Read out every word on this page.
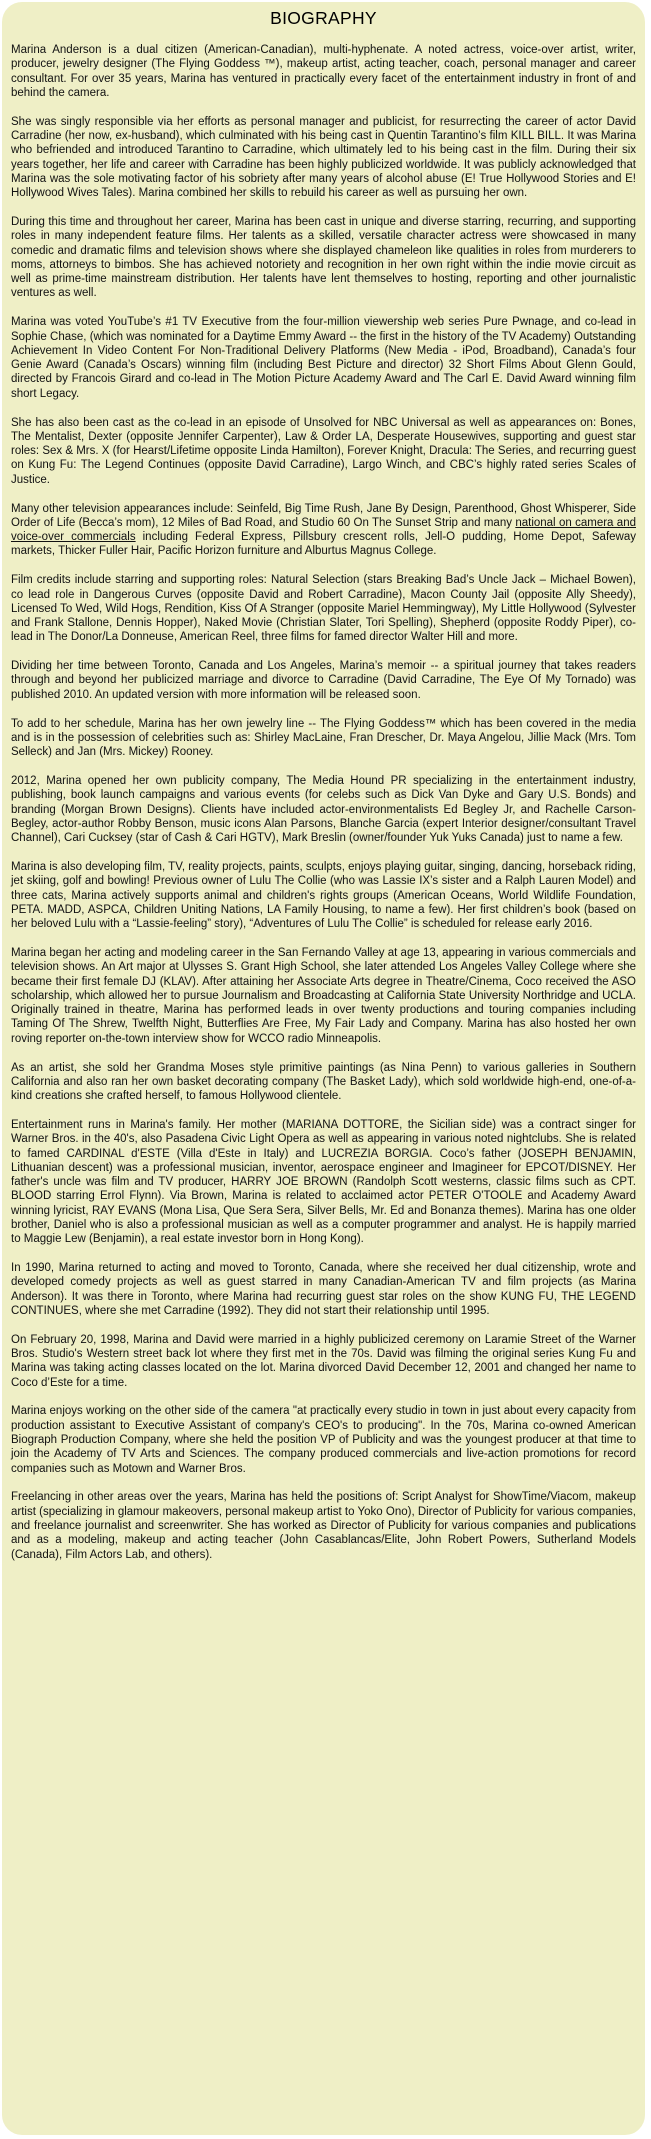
BIOGRAPHY

Marina Anderson is a dual citizen (American-Canadian), multi-hyphenate. A noted actress, voice-over artist, writer, producer, jewelry designer (The Flying Goddess ™), makeup artist, acting teacher, coach, personal manager and career consultant. For over 35 years, Marina has ventured in practically every facet of the entertainment industry in front of and behind the camera.

She was singly responsible via her efforts as personal manager and publicist, for resurrecting the career of actor David Carradine (her now, ex-husband), which culminated with his being cast in Quentin Tarantino’s film KILL BILL. It was Marina who befriended and introduced Tarantino to Carradine, which ultimately led to his being cast in the film. During their six years together, her life and career with Carradine has been highly publicized worldwide. It was publicly acknowledged that Marina was the sole motivating factor of his sobriety after many years of alcohol abuse (E! True Hollywood Stories and E! Hollywood Wives Tales). Marina combined her skills to rebuild his career as well as pursuing her own.

During this time and throughout her career, Marina has been cast in unique and diverse starring, recurring, and supporting roles in many independent feature films. Her talents as a skilled, versatile character actress were showcased in many comedic and dramatic films and television shows where she displayed chameleon like qualities in roles from murderers to moms, attorneys to bimbos. She has achieved notoriety and recognition in her own right within the indie movie circuit as well as prime-time mainstream distribution. Her talents have lent themselves to hosting, reporting and other journalistic ventures as well.

Marina was voted YouTube’s #1 TV Executive from the four-million viewership web series Pure Pwnage, and co-lead in Sophie Chase, (which was nominated for a Daytime Emmy Award -- the first in the history of the TV Academy) Outstanding Achievement In Video Content For Non-Traditional Delivery Platforms (New Media - iPod, Broadband), Canada’s four Genie Award (Canada’s Oscars) winning film (including Best Picture and director) 32 Short Films About Glenn Gould, directed by Francois Girard and co-lead in The Motion Picture Academy Award and The Carl E. David Award winning film short Legacy.

She has also been cast as the co-lead in an episode of Unsolved for NBC Universal as well as appearances on: Bones, The Mentalist, Dexter (opposite Jennifer Carpenter), Law & Order LA, Desperate Housewives, supporting and guest star roles: Sex & Mrs. X (for Hearst/Lifetime opposite Linda Hamilton), Forever Knight, Dracula: The Series, and recurring guest on Kung Fu: The Legend Continues (opposite David Carradine), Largo Winch, and CBC’s highly rated series Scales of Justice.

Many other television appearances include: Seinfeld, Big Time Rush, Jane By Design, Parenthood, Ghost Whisperer, Side Order of Life (Becca’s mom), 12 Miles of Bad Road, and Studio 60 On The Sunset Strip and many national on camera and voice-over commercials including Federal Express, Pillsbury crescent rolls, Jell-O pudding, Home Depot, Safeway markets, Thicker Fuller Hair, Pacific Horizon furniture and Alburtus Magnus College.

Film credits include starring and supporting roles: Natural Selection (stars Breaking Bad’s Uncle Jack – Michael Bowen), co lead role in Dangerous Curves (opposite David and Robert Carradine), Macon County Jail (opposite Ally Sheedy), Licensed To Wed, Wild Hogs, Rendition, Kiss Of A Stranger (opposite Mariel Hemmingway), My Little Hollywood (Sylvester and Frank Stallone, Dennis Hopper), Naked Movie (Christian Slater, Tori Spelling), Shepherd (opposite Roddy Piper), co-lead in The Donor/La Donneuse, American Reel, three films for famed director Walter Hill and more.

Dividing her time between Toronto, Canada and Los Angeles, Marina’s memoir -- a spiritual journey that takes readers through and beyond her publicized marriage and divorce to Carradine (David Carradine, The Eye Of My Tornado) was published 2010. An updated version with more information will be released soon.

To add to her schedule, Marina has her own jewelry line -- The Flying Goddess™ which has been covered in the media and is in the possession of celebrities such as: Shirley MacLaine, Fran Drescher, Dr. Maya Angelou, Jillie Mack (Mrs. Tom Selleck) and Jan (Mrs. Mickey) Rooney.

2012, Marina opened her own publicity company, The Media Hound PR specializing in the entertainment industry, publishing, book launch campaigns and various events (for celebs such as Dick Van Dyke and Gary U.S. Bonds) and branding (Morgan Brown Designs). Clients have included actor-environmentalists Ed Begley Jr, and Rachelle Carson-Begley, actor-author Robby Benson, music icons Alan Parsons, Blanche Garcia (expert Interior designer/consultant Travel Channel), Cari Cucksey (star of Cash & Cari HGTV), Mark Breslin (owner/founder Yuk Yuks Canada) just to name a few.

Marina is also developing film, TV, reality projects, paints, sculpts, enjoys playing guitar, singing, dancing, horseback riding, jet skiing, golf and bowling! Previous owner of Lulu The Collie (who was Lassie IX’s sister and a Ralph Lauren Model) and three cats, Marina actively supports animal and children's rights groups (American Oceans, World Wildlife Foundation, PETA. MADD, ASPCA, Children Uniting Nations, LA Family Housing, to name a few). Her first children’s book (based on her beloved Lulu with a “Lassie-feeling” story), “Adventures of Lulu The Collie” is scheduled for release early 2016.

Marina began her acting and modeling career in the San Fernando Valley at age 13, appearing in various commercials and television shows. An Art major at Ulysses S. Grant High School, she later attended Los Angeles Valley College where she became their first female DJ (KLAV). After attaining her Associate Arts degree in Theatre/Cinema, Coco received the ASO scholarship, which allowed her to pursue Journalism and Broadcasting at California State University Northridge and UCLA. Originally trained in theatre, Marina has performed leads in over twenty productions and touring companies including Taming Of The Shrew, Twelfth Night, Butterflies Are Free, My Fair Lady and Company. Marina has also hosted her own roving reporter on-the-town interview show for WCCO radio Minneapolis.

As an artist, she sold her Grandma Moses style primitive paintings (as Nina Penn) to various galleries in Southern California and also ran her own basket decorating company (The Basket Lady), which sold worldwide high-end, one-of-a-kind creations she crafted herself, to famous Hollywood clientele.

Entertainment runs in Marina's family. Her mother (MARIANA DOTTORE, the Sicilian side) was a contract singer for Warner Bros. in the 40's, also Pasadena Civic Light Opera as well as appearing in various noted nightclubs. She is related to famed CARDINAL d'ESTE (Villa d'Este in Italy) and LUCREZIA BORGIA. Coco’s father (JOSEPH BENJAMIN, Lithuanian descent) was a professional musician, inventor, aerospace engineer and Imagineer for EPCOT/DISNEY. Her father's uncle was film and TV producer, HARRY JOE BROWN (Randolph Scott westerns, classic films such as CPT. BLOOD starring Errol Flynn). Via Brown, Marina is related to acclaimed actor PETER O'TOOLE and Academy Award winning lyricist, RAY EVANS (Mona Lisa, Que Sera Sera, Silver Bells, Mr. Ed and Bonanza themes). Marina has one older brother, Daniel who is also a professional musician as well as a computer programmer and analyst. He is happily married to Maggie Lew (Benjamin), a real estate investor born in Hong Kong).

In 1990, Marina returned to acting and moved to Toronto, Canada, where she received her dual citizenship, wrote and developed comedy projects as well as guest starred in many Canadian-American TV and film projects (as Marina Anderson). It was there in Toronto, where Marina had recurring guest star roles on the show KUNG FU, THE LEGEND CONTINUES, where she met Carradine (1992). They did not start their relationship until 1995.

On February 20, 1998, Marina and David were married in a highly publicized ceremony on Laramie Street of the Warner Bros. Studio's Western street back lot where they first met in the 70s. David was filming the original series Kung Fu and Marina was taking acting classes located on the lot. Marina divorced David December 12, 2001 and changed her name to Coco d’Este for a time.

Marina enjoys working on the other side of the camera "at practically every studio in town in just about every capacity from production assistant to Executive Assistant of company's CEO's to producing". In the 70s, Marina co-owned American Biograph Production Company, where she held the position VP of Publicity and was the youngest producer at that time to join the Academy of TV Arts and Sciences. The company produced commercials and live-action promotions for record companies such as Motown and Warner Bros.

Freelancing in other areas over the years, Marina has held the positions of: Script Analyst for ShowTime/Viacom, makeup artist (specializing in glamour makeovers, personal makeup artist to Yoko Ono), Director of Publicity for various companies, and freelance journalist and screenwriter. She has worked as Director of Publicity for various companies and publications and as a modeling, makeup and acting teacher (John Casablancas/Elite, John Robert Powers, Sutherland Models (Canada), Film Actors Lab, and others).
